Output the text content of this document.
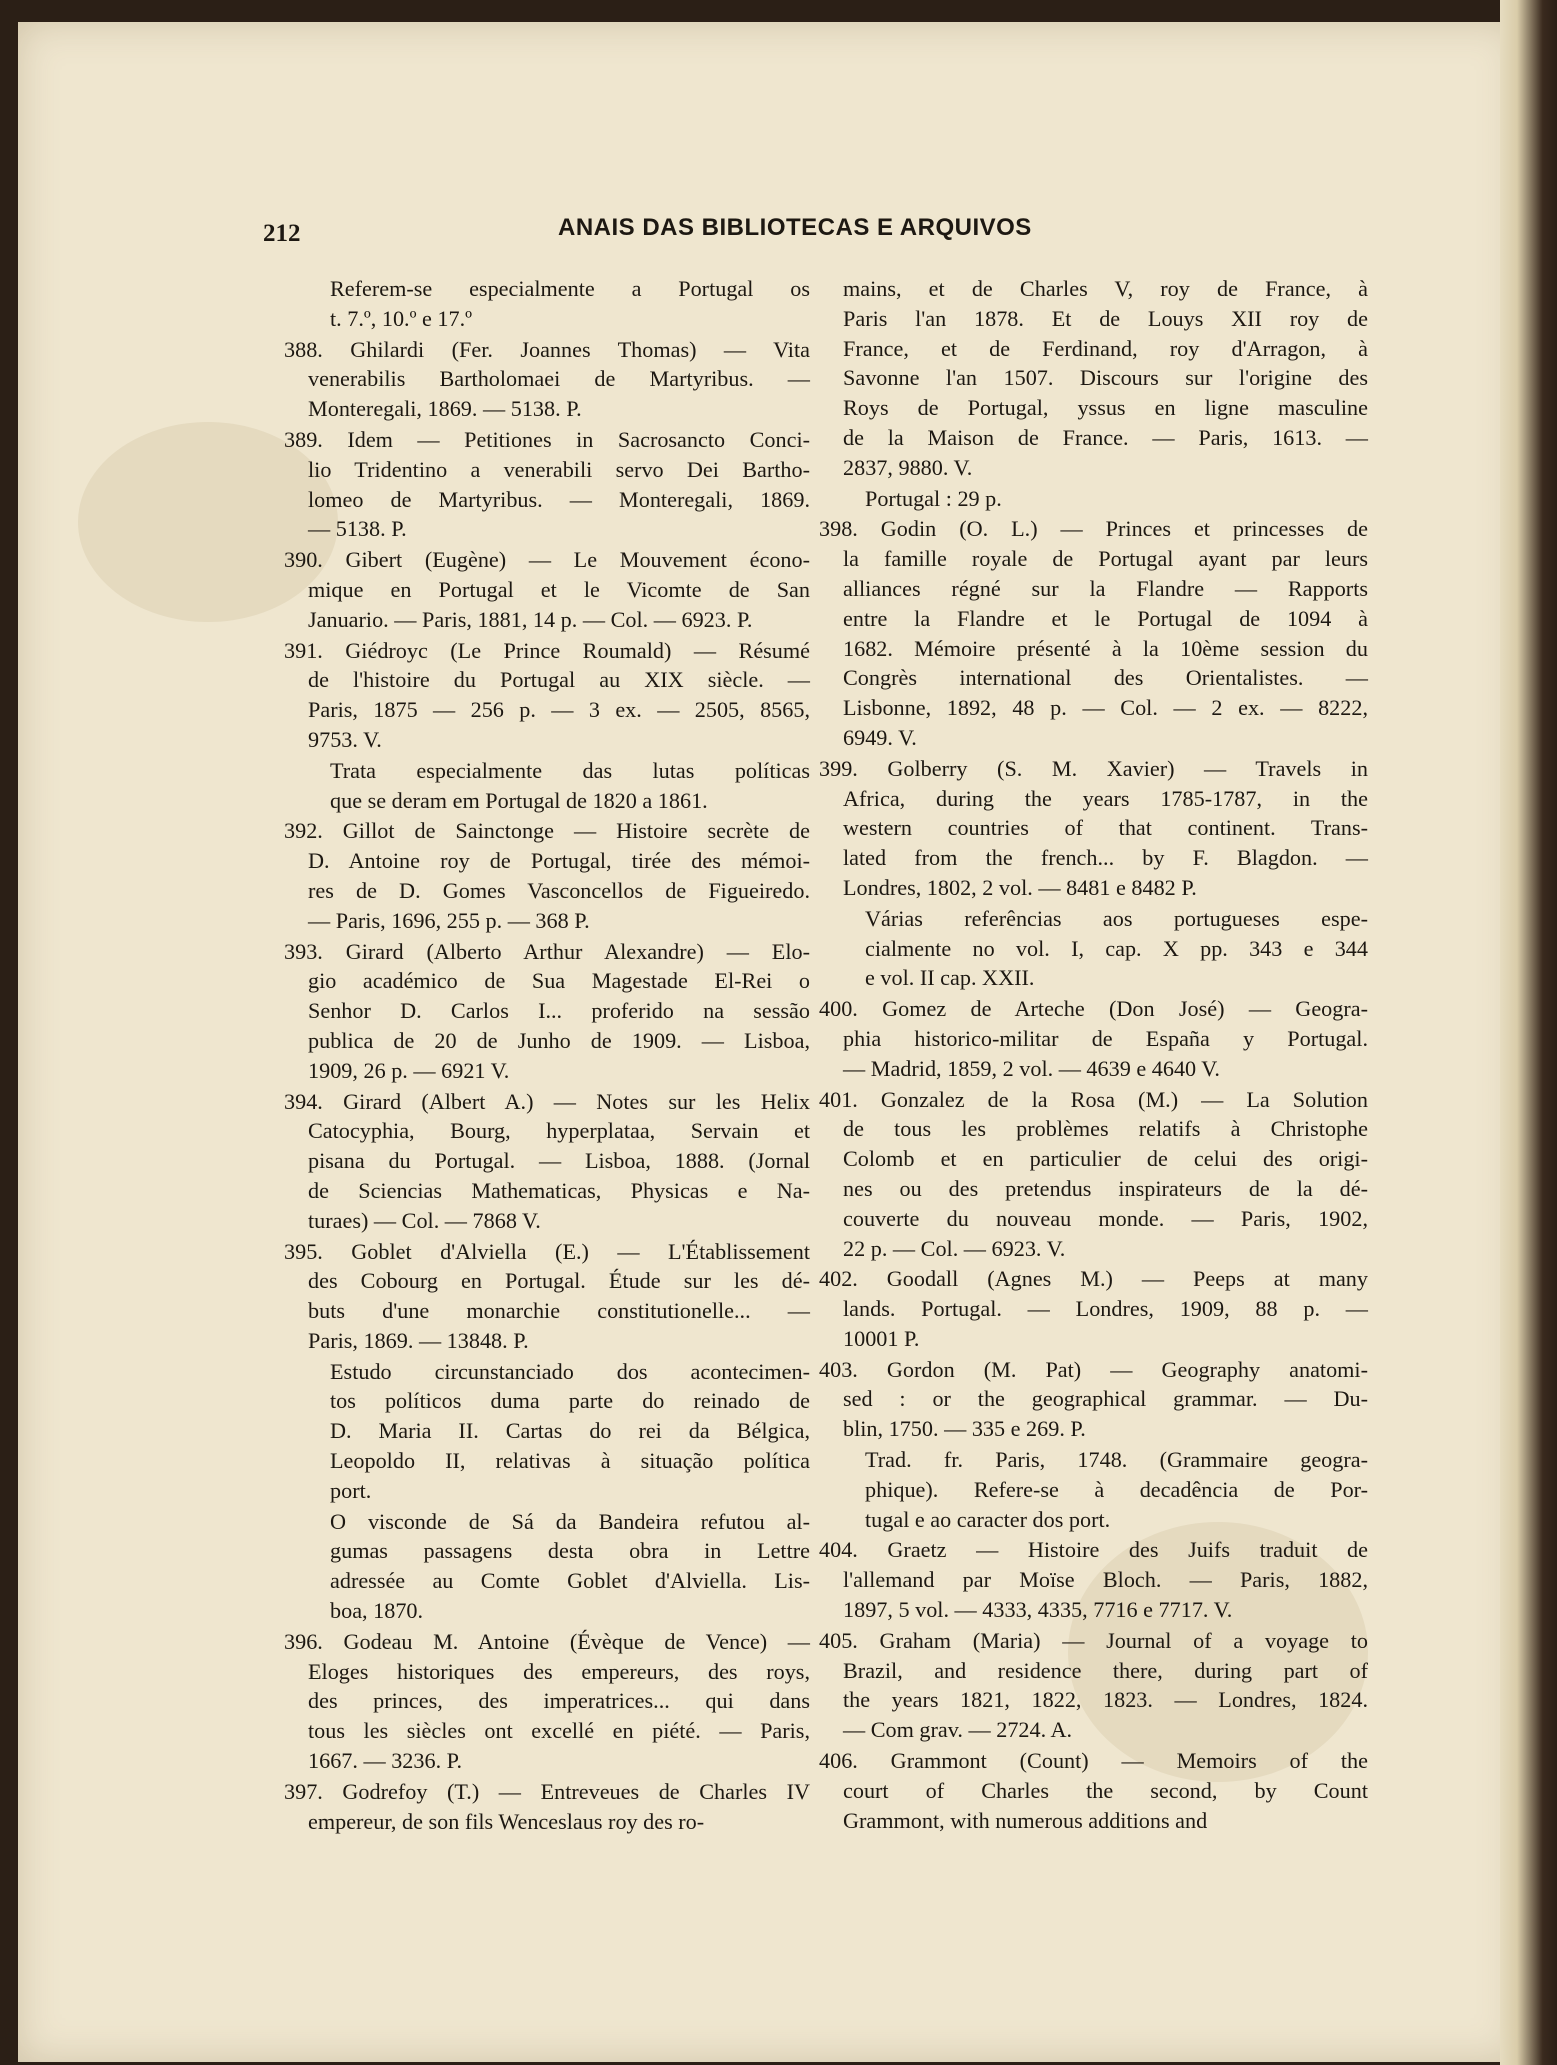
212	ANAIS DAS BIBLIOTECAS E ARQUIVOS
Referem-se especialmente a Portugal os
t. 7.º, 10.º e 17.º
388. Ghilardi (Fer. Joannes Thomas) — Vita
venerabilis Bartholomaei de Martyribus. —
Monteregali, 1869. — 5138. P.
389. Idem — Petitiones in Sacrosancto Conci-
lio Tridentino a venerabili servo Dei Bartho-
lomeo de Martyribus. — Monteregali, 1869.
— 5138. P.
390. Gibert (Eugène) — Le Mouvement écono-
mique en Portugal et le Vicomte de San
Januario. — Paris, 1881, 14 p. — Col. — 6923. P.
391. Giédroyc (Le Prince Roumald) — Résumé
de l'histoire du Portugal au XIX siècle. —
Paris, 1875 — 256 p. — 3 ex. — 2505, 8565,
9753. V.
Trata especialmente das lutas políticas
que se deram em Portugal de 1820 a 1861.
392. Gillot de Sainctonge — Histoire secrète de
D. Antoine roy de Portugal, tirée des mémoi-
res de D. Gomes Vasconcellos de Figueiredo.
— Paris, 1696, 255 p. — 368 P.
393. Girard (Alberto Arthur Alexandre) — Elo-
gio académico de Sua Magestade El-Rei o
Senhor D. Carlos I... proferido na sessão
publica de 20 de Junho de 1909. — Lisboa,
1909, 26 p. — 6921 V.
394. Girard (Albert A.) — Notes sur les Helix
Catocyphia, Bourg, hyperplataa, Servain et
pisana du Portugal. — Lisboa, 1888. (Jornal
de Sciencias Mathematicas, Physicas e Na-
turaes) — Col. — 7868 V.
395. Goblet d'Alviella (E.) — L'Établissement
des Cobourg en Portugal. Étude sur les dé-
buts d'une monarchie constitutionelle... —
Paris, 1869. — 13848. P.
Estudo circunstanciado dos acontecimen-
tos políticos duma parte do reinado de
D. Maria II. Cartas do rei da Bélgica,
Leopoldo II, relativas à situação política
port.
O visconde de Sá da Bandeira refutou al-
gumas passagens desta obra in Lettre
adressée au Comte Goblet d'Alviella. Lis-
boa, 1870.
396. Godeau M. Antoine (Évèque de Vence) —
Eloges historiques des empereurs, des roys,
des princes, des imperatrices... qui dans
tous les siècles ont excellé en piété. — Paris,
1667. — 3236. P.
397. Godrefoy (T.) — Entreveues de Charles IV
empereur, de son fils Wenceslaus roy des ro-
mains, et de Charles V, roy de France, à
Paris l'an 1878. Et de Louys XII roy de
France, et de Ferdinand, roy d'Arragon, à
Savonne l'an 1507. Discours sur l'origine des
Roys de Portugal, yssus en ligne masculine
de la Maison de France. — Paris, 1613. —
2837, 9880. V.
Portugal : 29 p.
398. Godin (O. L.) — Princes et princesses de
la famille royale de Portugal ayant par leurs
alliances régné sur la Flandre — Rapports
entre la Flandre et le Portugal de 1094 à
1682. Mémoire présenté à la 10ème session du
Congrès international des Orientalistes. —
Lisbonne, 1892, 48 p. — Col. — 2 ex. — 8222,
6949. V.
399. Golberry (S. M. Xavier) — Travels in
Africa, during the years 1785-1787, in the
western countries of that continent. Trans-
lated from the french... by F. Blagdon. —
Londres, 1802, 2 vol. — 8481 e 8482 P.
Várias referências aos portugueses espe-
cialmente no vol. I, cap. X pp. 343 e 344
e vol. II cap. XXII.
400. Gomez de Arteche (Don José) — Geogra-
phia historico-militar de España y Portugal.
— Madrid, 1859, 2 vol. — 4639 e 4640 V.
401. Gonzalez de la Rosa (M.) — La Solution
de tous les problèmes relatifs à Christophe
Colomb et en particulier de celui des origi-
nes ou des pretendus inspirateurs de la dé-
couverte du nouveau monde. — Paris, 1902,
22 p. — Col. — 6923. V.
402. Goodall (Agnes M.) — Peeps at many
lands. Portugal. — Londres, 1909, 88 p. —
10001 P.
403. Gordon (M. Pat) — Geography anatomi-
sed : or the geographical grammar. — Du-
blin, 1750. — 335 e 269. P.
Trad. fr. Paris, 1748. (Grammaire geogra-
phique). Refere-se à decadência de Por-
tugal e ao caracter dos port.
404. Graetz — Histoire des Juifs traduit de
l'allemand par Moïse Bloch. — Paris, 1882,
1897, 5 vol. — 4333, 4335, 7716 e 7717. V.
405. Graham (Maria) — Journal of a voyage to
Brazil, and residence there, during part of
the years 1821, 1822, 1823. — Londres, 1824.
— Com grav. — 2724. A.
406. Grammont (Count) — Memoirs of the
court of Charles the second, by Count
Grammont, with numerous additions and
